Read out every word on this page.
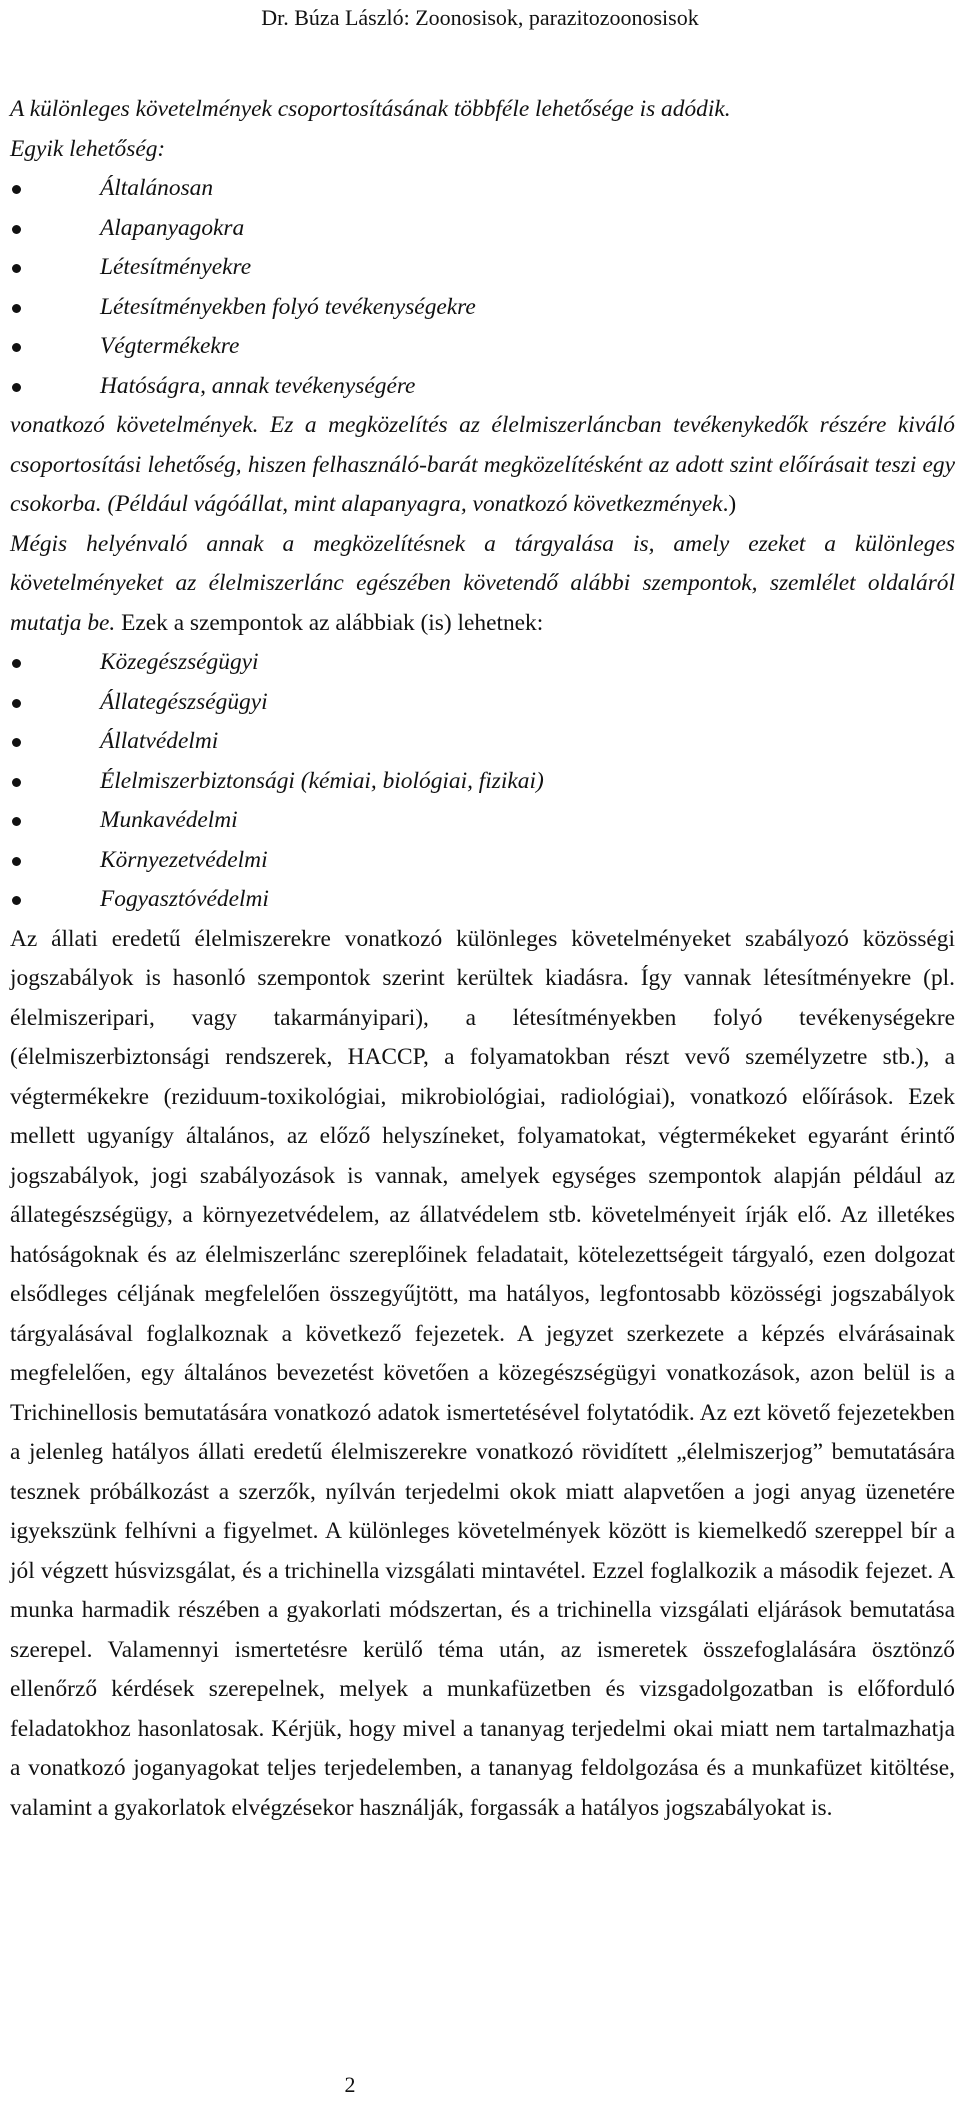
Dr. Búza László: Zoonosisok, parazitozoonosisok

A különleges követelmények csoportosításának többféle lehetősége is adódik.

Egyik lehetőség:

Általánosan
Alapanyagokra
Létesítményekre
Létesítményekben folyó tevékenységekre
Végtermékekre
Hatóságra, annak tevékenységére

vonatkozó követelmények. Ez a megközelítés az élelmiszerláncban tevékenykedők részére kiváló csoportosítási lehetőség, hiszen felhasználó-barát megközelítésként az adott szint előírásait teszi egy csokorba. (Például vágóállat, mint alapanyagra, vonatkozó következmények.)

Mégis helyénvaló annak a megközelítésnek a tárgyalása is, amely ezeket a különleges követelményeket az élelmiszerlánc egészében követendő alábbi szempontok, szemlélet oldaláról mutatja be. Ezek a szempontok az alábbiak (is) lehetnek:

Közegészségügyi
Állategészségügyi
Állatvédelmi
Élelmiszerbiztonsági (kémiai, biológiai, fizikai)
Munkavédelmi
Környezetvédelmi
Fogyasztóvédelmi

Az állati eredetű élelmiszerekre vonatkozó különleges követelményeket szabályozó közösségi jogszabályok is hasonló szempontok szerint kerültek kiadásra. Így vannak létesítményekre (pl. élelmiszeripari, vagy takarmányipari), a létesítményekben folyó tevékenységekre (élelmiszerbiztonsági rendszerek, HACCP, a folyamatokban részt vevő személyzetre stb.), a végtermékekre (reziduum-toxikológiai, mikrobiológiai, radiológiai), vonatkozó előírások. Ezek mellett ugyanígy általános, az előző helyszíneket, folyamatokat, végtermékeket egyaránt érintő jogszabályok, jogi szabályozások is vannak, amelyek egységes szempontok alapján például az állategészségügy, a környezetvédelem, az állatvédelem stb. követelményeit írják elő. Az illetékes hatóságoknak és az élelmiszerlánc szereplőinek feladatait, kötelezettségeit tárgyaló, ezen dolgozat elsődleges céljának megfelelően összegyűjtött, ma hatályos, legfontosabb közösségi jogszabályok tárgyalásával foglalkoznak a következő fejezetek. A jegyzet szerkezete a képzés elvárásainak megfelelően, egy általános bevezetést követően a közegészségügyi vonatkozások, azon belül is a Trichinellosis bemutatására vonatkozó adatok ismertetésével folytatódik. Az ezt követő fejezetekben a jelenleg hatályos állati eredetű élelmiszerekre vonatkozó rövidített „élelmiszerjog” bemutatására tesznek próbálkozást a szerzők, nyílván terjedelmi okok miatt alapvetően a jogi anyag üzenetére igyekszünk felhívni a figyelmet. A különleges követelmények között is kiemelkedő szereppel bír a jól végzett húsvizsgálat, és a trichinella vizsgálati mintavétel. Ezzel foglalkozik a második fejezet. A munka harmadik részében a gyakorlati módszertan, és a trichinella vizsgálati eljárások bemutatása szerepel. Valamennyi ismertetésre kerülő téma után, az ismeretek összefoglalására ösztönző ellenőrző kérdések szerepelnek, melyek a munkafüzetben és vizsgadolgozatban is előforduló feladatokhoz hasonlatosak. Kérjük, hogy mivel a tananyag terjedelmi okai miatt nem tartalmazhatja a vonatkozó joganyagokat teljes terjedelemben, a tananyag feldolgozása és a munkafüzet kitöltése, valamint a gyakorlatok elvégzésekor használják, forgassák a hatályos jogszabályokat is.

2
